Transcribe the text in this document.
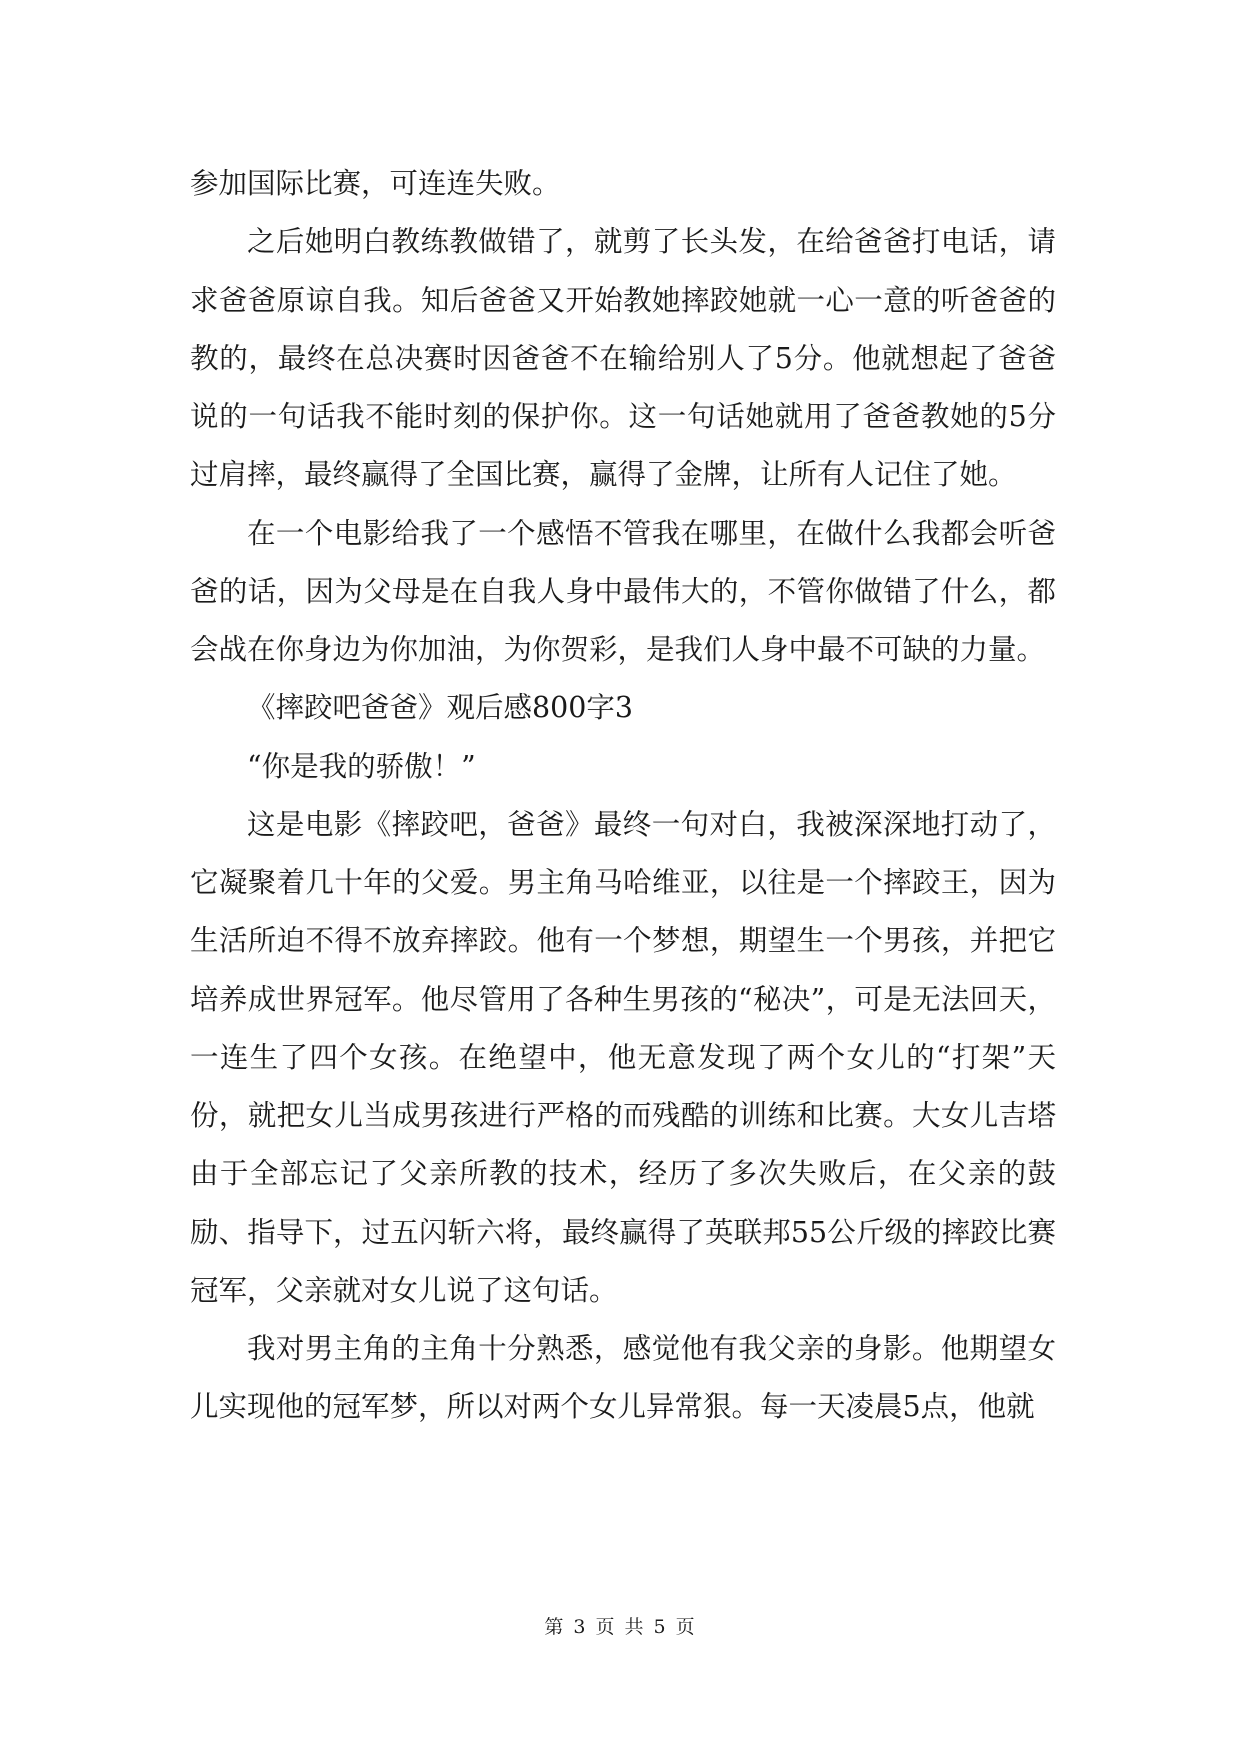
参加国际比赛，可连连失败。

之后她明白教练教做错了，就剪了长头发，在给爸爸打电话，请求爸爸原谅自我。知后爸爸又开始教她摔跤她就一心一意的听爸爸的教的，最终在总决赛时因爸爸不在输给别人了5分。他就想起了爸爸说的一句话我不能时刻的保护你。这一句话她就用了爸爸教她的5分过肩摔，最终赢得了全国比赛，赢得了金牌，让所有人记住了她。

在一个电影给我了一个感悟不管我在哪里，在做什么我都会听爸爸的话，因为父母是在自我人身中最伟大的，不管你做错了什么，都会战在你身边为你加油，为你贺彩，是我们人身中最不可缺的力量。

《摔跤吧爸爸》观后感800字3

“你是我的骄傲！”

这是电影《摔跤吧，爸爸》最终一句对白，我被深深地打动了，它凝聚着几十年的父爱。男主角马哈维亚，以往是一个摔跤王，因为生活所迫不得不放弃摔跤。他有一个梦想，期望生一个男孩，并把它培养成世界冠军。他尽管用了各种生男孩的“秘决”，可是无法回天，一连生了四个女孩。在绝望中，他无意发现了两个女儿的“打架”天份，就把女儿当成男孩进行严格的而残酷的训练和比赛。大女儿吉塔由于全部忘记了父亲所教的技术，经历了多次失败后，在父亲的鼓励、指导下，过五闪斩六将，最终赢得了英联邦55公斤级的摔跤比赛冠军，父亲就对女儿说了这句话。

我对男主角的主角十分熟悉，感觉他有我父亲的身影。他期望女儿实现他的冠军梦，所以对两个女儿异常狠。每一天凌晨5点，他就

第 3 页 共 5 页
